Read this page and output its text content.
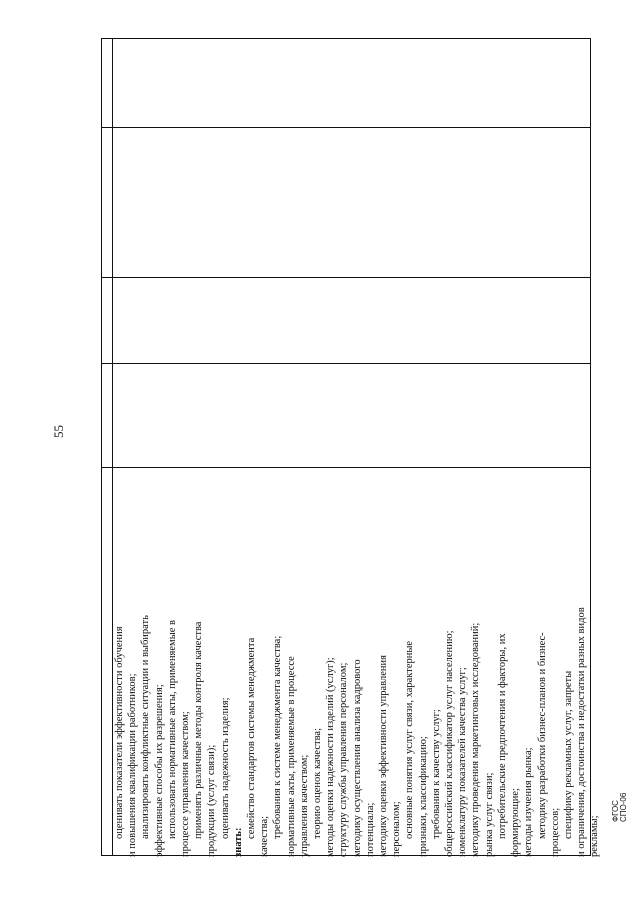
55
ФГОС СПО-06
оценивать показатели эффективности обучения и повышения квалификации работников; анализировать конфликтные ситуации и выбирать эффективные способы их разрешения; использовать нормативные акты, применяемые в процессе управления качеством; применять различные методы контроля качества продукции (услуг связи); оценивать надежность изделия;
знать:
семейство стандартов системы менеджмента качества; требования к системе менеджмента качества; нормативные акты, применяемые в процессе управления качеством; теорию оценок качества; методы оценки надежности изделий (услуг); структуру службы управления персоналом; методику осуществления анализа кадрового потенциала; методику оценки эффективности управления персоналом; основные понятия услуг связи, характерные признаки, классификацию; требования к качеству услуг; общероссийский классификатор услуг населению; номенклатуру показателей качества услуг; методику проведения маркетинговых исследований; рынка услуг связи; потребительские предпочтения и факторы, их формирующие; методы изучения рынка; методику разработки бизнес-планов и бизнес- процессов; специфику рекламных услуг, запреты и ограничения, достоинства и недостатки разных видов рекламы;
